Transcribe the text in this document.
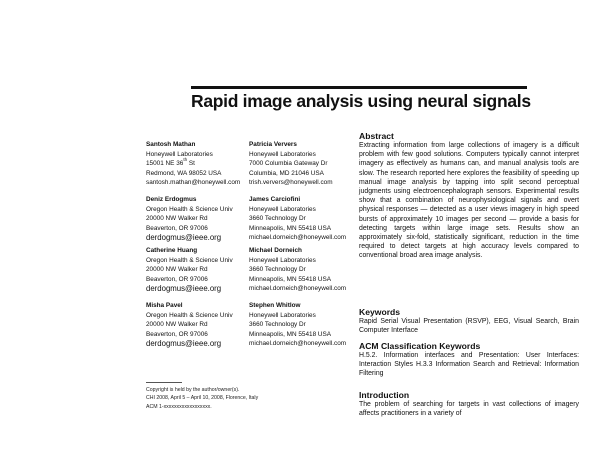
Rapid image analysis using neural signals
Santosh Mathan
Honeywell Laboratories
15001 NE 36th St
Redmond, WA 98052 USA
santosh.mathan@honeywell.com
Patricia Ververs
Honeywell Laboratories
7000 Columbia Gateway Dr
Columbia, MD 21046 USA
trish.ververs@honeywell.com
Deniz Erdogmus
Oregon Health & Science Univ
20000 NW Walker Rd
Beaverton, OR 97006
derdogmus@ieee.org
James Carciofini
Honeywell Laboratories
3660 Technology Dr
Minneapolis, MN 55418 USA
michael.dorneich@honeywell.com
Catherine Huang
Oregon Health & Science Univ
20000 NW Walker Rd
Beaverton, OR 97006
derdogmus@ieee.org
Michael Dorneich
Honeywell Laboratories
3660 Technology Dr
Minneapolis, MN 55418 USA
michael.dorneich@honeywell.com
Misha Pavel
Oregon Health & Science Univ
20000 NW Walker Rd
Beaverton, OR 97006
derdogmus@ieee.org
Stephen Whitlow
Honeywell Laboratories
3660 Technology Dr
Minneapolis, MN 55418 USA
michael.dorneich@honeywell.com
Copyright is held by the author/owner(s).
CHI 2008, April 5 – April 10, 2008, Florence, Italy
ACM 1-xxxxxxxxxxxxxxxxxx.

Abstract

Extracting information from large collections of imagery is a difficult problem with few good solutions. Computers typically cannot interpret imagery as effectively as humans can, and manual analysis tools are slow. The research reported here explores the feasibility of speeding up manual image analysis by tapping into split second perceptual judgments using electroencephalograph sensors. Experimental results show that a combination of neurophysiological signals and overt physical responses — detected as a user views imagery in high speed bursts of approximately 10 images per second — provide a basis for detecting targets within large image sets. Results show an approximately six-fold, statistically significant, reduction in the time required to detect targets at high accuracy levels compared to conventional broad area image analysis.

Keywords

Rapid Serial Visual Presentation (RSVP), EEG, Visual Search, Brain Computer Interface

ACM Classification Keywords

H.5.2. Information interfaces and Presentation: User Interfaces: Interaction Styles H.3.3 Information Search and Retrieval: Information Filtering

Introduction

The problem of searching for targets in vast collections of imagery affects practitioners in a variety of
